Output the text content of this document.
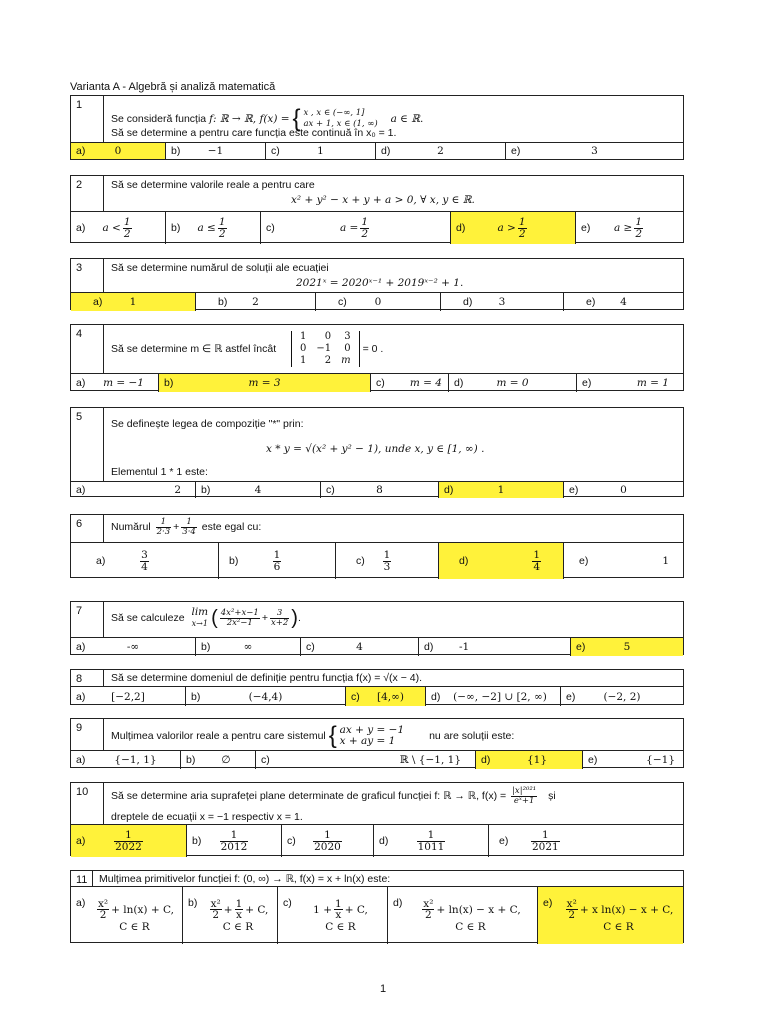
Varianta A - Algebră și analiză matematică
1
Se consideră funcția f: ℝ → ℝ, f(x) = { x , x ∈ (−∞, 1]
ax + 1, x ∈ (1, ∞) a ∈ ℝ.
Să se determine a pentru care funcția este continuă în x₀ = 1.
a)	0	b)	−1	c)	1	d)	2	e)	3
2	Să se determine valorile reale a pentru care
x² + y² − x + y + a > 0, ∀ x, y ∈ ℝ.
a)	$a < \frac{1}{2}$	b)	$a \le \frac{1}{2}$	c)	$a = \frac{1}{2}$	d)	$a > \frac{1}{2}$	e)	$a \ge \frac{1}{2}$
3	Să se determine numărul de soluții ale ecuației
2021ˣ = 2020ˣ⁻¹ + 2019ˣ⁻² + 1.
a)	1	b)	2	c)	0	d)	3	e)	4
4
Să se determine m ∈ ℝ astfel încât
1	0	3
0	−1	0
1	2	m
= 0 .
a)	m = −1	b)	m = 3	c)	m = 4	d)	m = 0	e)	m = 1
5
Se definește legea de compoziție "*" prin:
x * y = √(x² + y² − 1), unde x, y ∈ [1, ∞) .
Elementul 1 * 1 este:
a)	2	b)	4	c)	8	d)	1	e)	0
6	Numărul $\frac{1}{2\cdot 3} + \frac{1}{3\cdot 4}$ este egal cu:
a)	$\frac{3}{4}$	b)	$\frac{1}{6}$	$c) \frac{1}{3}$	d)	$\frac{1}{4}$	e)	1
7
Să se calculeze lim
x→1 ( $\frac{\text{4x²+x−1}}{\text{2x²−1}} + \frac{3}{x+2}$ ).
a)	-∞	b)	∞	c)	4	d)	-1	e)	5
8	Să se determine domeniul de definiție pentru funcția f(x) = √(x − 4).
a)	[−2,2]	b)	(−4,4)	c)	[4,∞)	d)	(−∞, −2] ∪ [2, ∞)	e)	(−2, 2)
9
Mulțimea valorilor reale a pentru care sistemul { ax + y = −1
x + ay = 1	nu are soluții este:
a)	{−1, 1}	b)	∅	c)	ℝ \ {−1, 1}	d)	{1}	e)	{−1}
10	Să se determine aria suprafeței plane determinate de graficul funcției f: ℝ → ℝ, $f(x) = \frac{\text{|x|²⁰²¹}}{\text{eˣ+1}}$ și
dreptele de ecuații x = −1 respectiv x = 1.
a)	$\frac{1}{2022}$	$b) \frac{1}{2012}$	$c) \frac{1}{2020}$	d)	$\frac{1}{1011}$	$e) \frac{1}{2021}$
11	Mulțimea primitivelor funcției f: (0, ∞) → ℝ, f(x) = x + ln(x) este:
$a) \frac{\text{x²}}{2} + \ln(x) + C$,
C ∈ R
$b) \frac{\text{x²}}{2} + \frac{1}{x} + C$,
C ∈ R
c)
$1 + \frac{1}{x} + C$,
C ∈ R
$d) \frac{\text{x²}}{2} + \ln(x) - x + C$,
C ∈ R
$e) \frac{\text{x²}}{2} + x$ ln(x) − x + C,
C ∈ R
1
